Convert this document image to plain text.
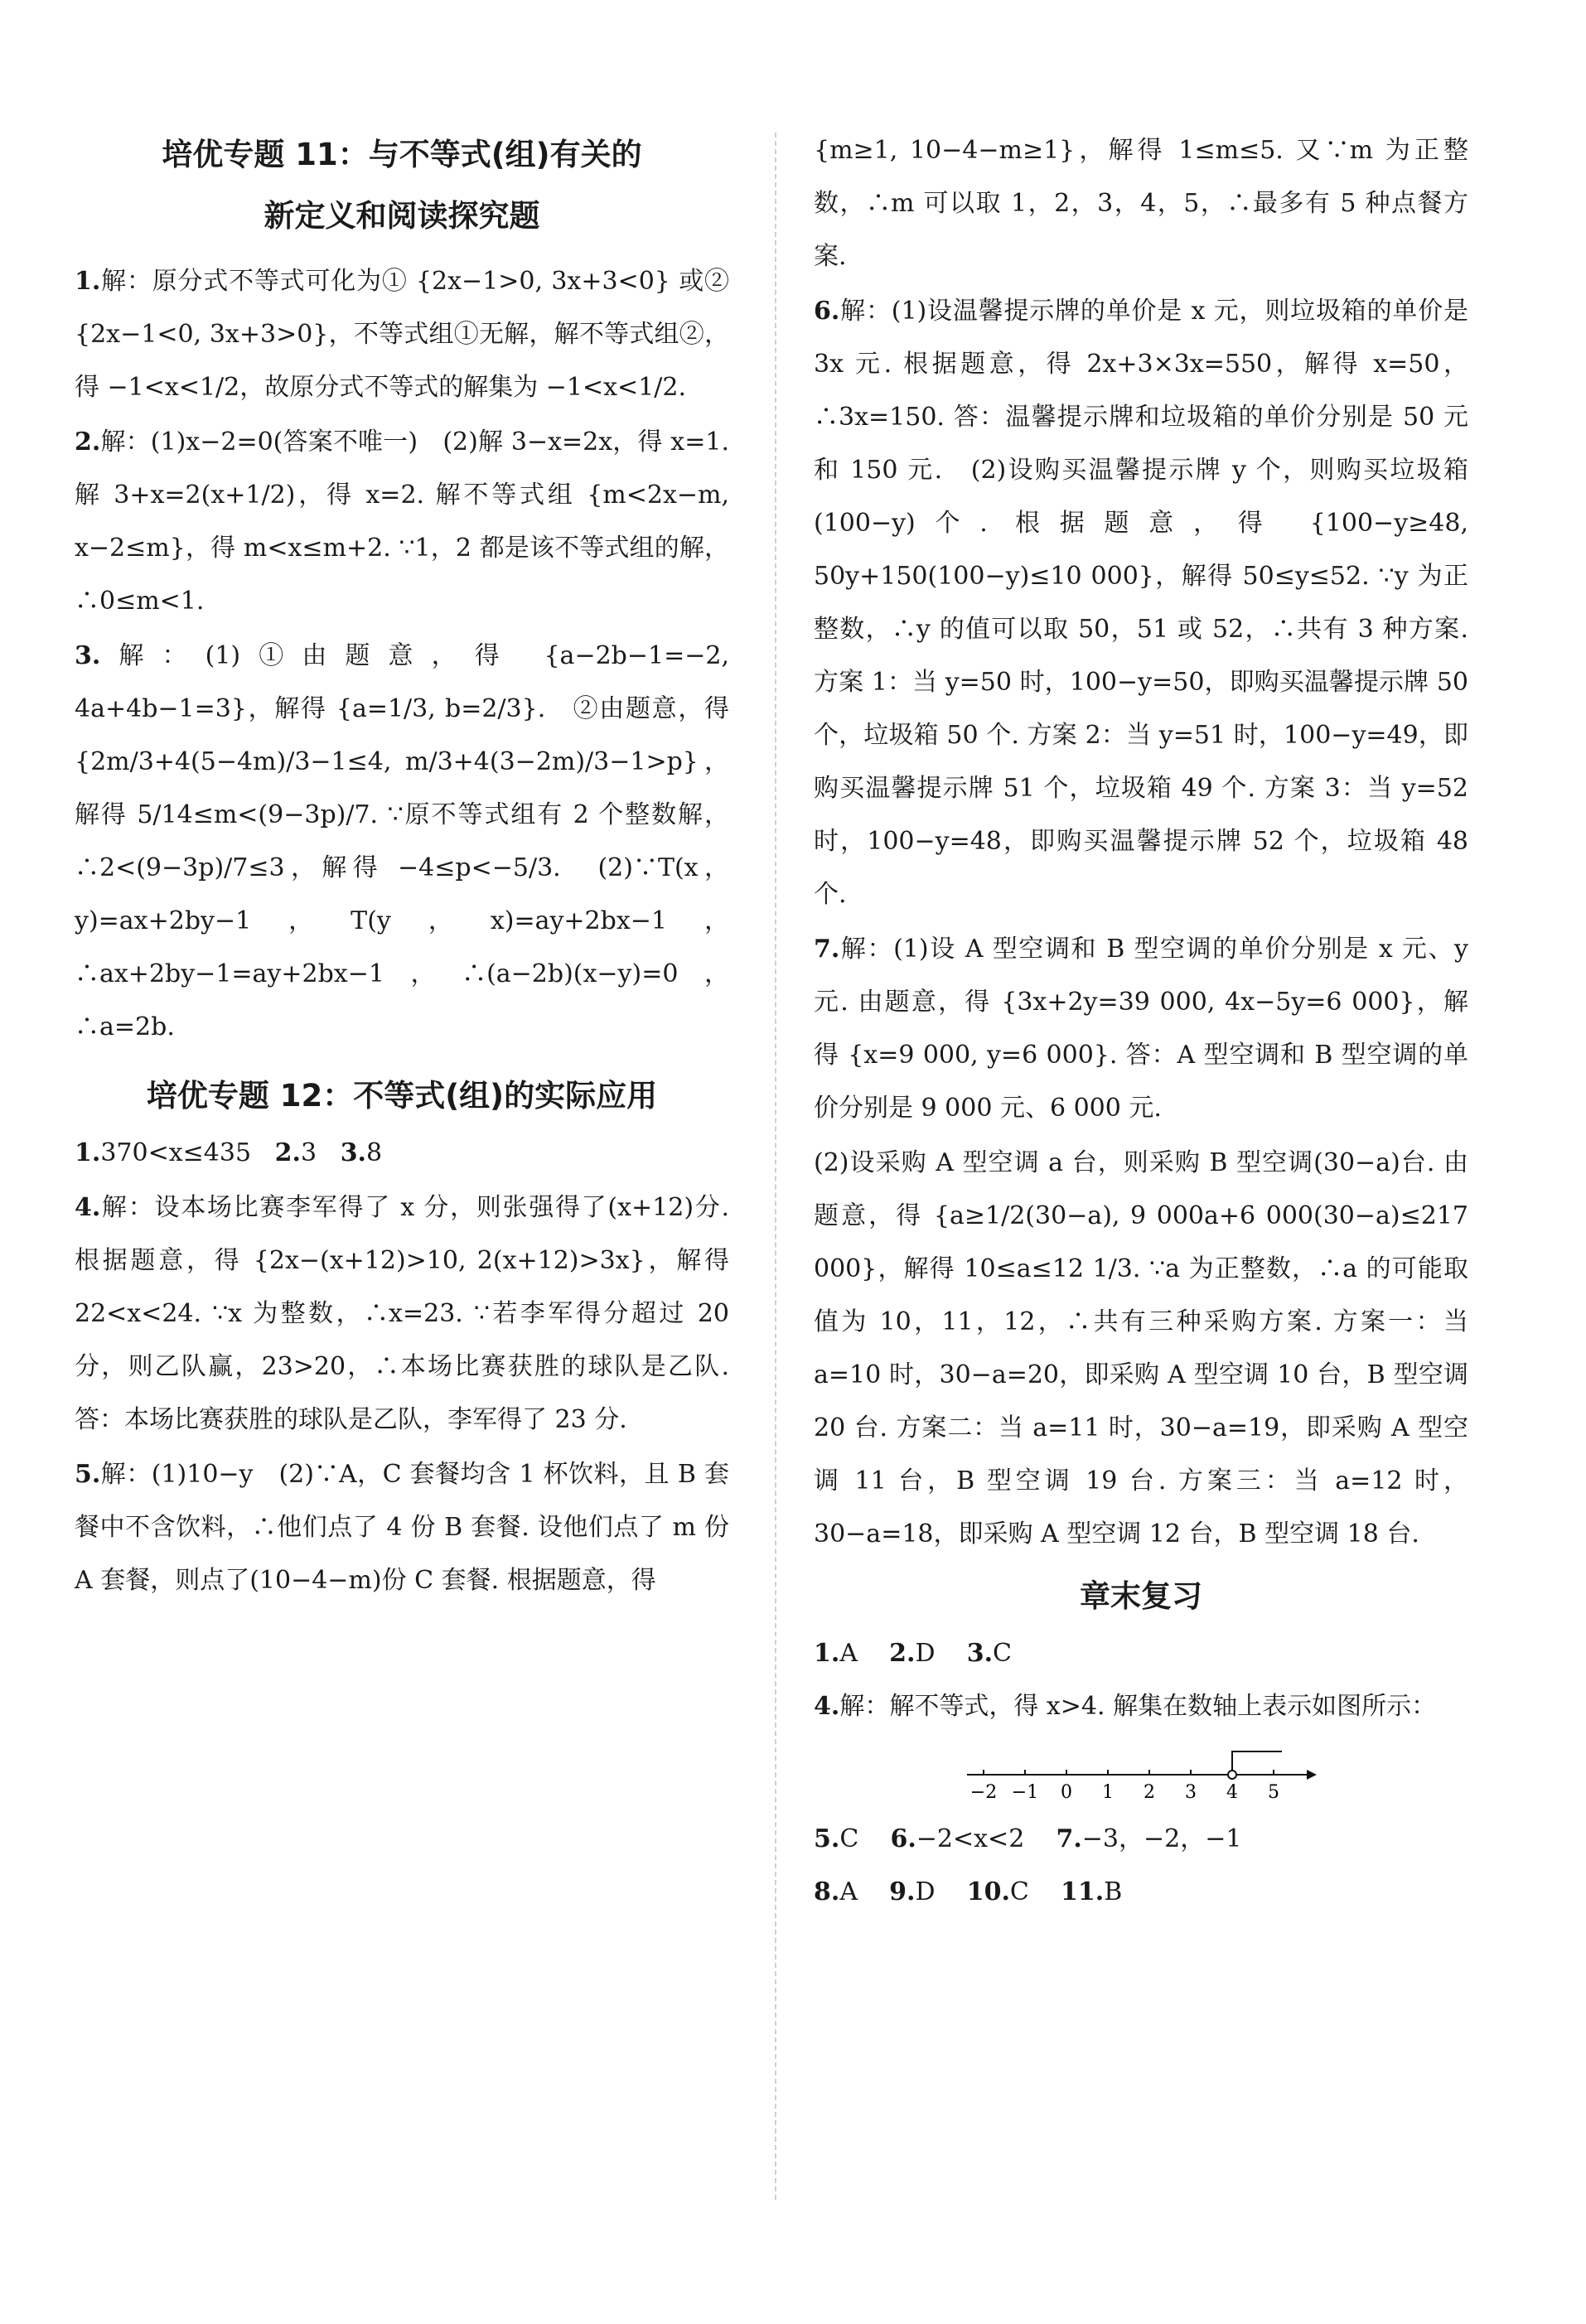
培优专题 11：与不等式(组)有关的
新定义和阅读探究题

1.解：原分式不等式可化为① {2x−1>0, 3x+3<0} 或② {2x−1<0, 3x+3>0}，不等式组①无解，解不等式组②，得 −1<x<1/2，故原分式不等式的解集为 −1<x<1/2.

2.解：(1)x−2=0(答案不唯一)　(2)解 3−x=2x，得 x=1. 解 3+x=2(x+1/2)，得 x=2. 解不等式组 {m<2x−m, x−2≤m}，得 m<x≤m+2. ∵1，2 都是该不等式组的解，∴0≤m<1.

3.解：(1)①由题意，得 {a−2b−1=−2, 4a+4b−1=3}，解得 {a=1/3, b=2/3}.　②由题意，得 {2m/3+4(5−4m)/3−1≤4, m/3+4(3−2m)/3−1>p}，解得 5/14≤m<(9−3p)/7. ∵原不等式组有 2 个整数解，∴2<(9−3p)/7≤3，解得 −4≤p<−5/3.　(2)∵T(x，y)=ax+2by−1，T(y，x)=ay+2bx−1，∴ax+2by−1=ay+2bx−1，∴(a−2b)(x−y)=0，∴a=2b.

培优专题 12：不等式(组)的实际应用

1.370<x≤435 2.3 3.8

4.解：设本场比赛李军得了 x 分，则张强得了(x+12)分. 根据题意，得 {2x−(x+12)>10, 2(x+12)>3x}，解得 22<x<24. ∵x 为整数，∴x=23. ∵若李军得分超过 20 分，则乙队赢，23>20，∴本场比赛获胜的球队是乙队. 答：本场比赛获胜的球队是乙队，李军得了 23 分.

5.解：(1)10−y　(2)∵A，C 套餐均含 1 杯饮料，且 B 套餐中不含饮料，∴他们点了 4 份 B 套餐. 设他们点了 m 份 A 套餐，则点了(10−4−m)份 C 套餐. 根据题意，得

{m≥1, 10−4−m≥1}，解得 1≤m≤5. 又∵m 为正整数，∴m 可以取 1，2，3，4，5，∴最多有 5 种点餐方案.

6.解：(1)设温馨提示牌的单价是 x 元，则垃圾箱的单价是 3x 元. 根据题意，得 2x+3×3x=550，解得 x=50，∴3x=150. 答：温馨提示牌和垃圾箱的单价分别是 50 元和 150 元.　(2)设购买温馨提示牌 y 个，则购买垃圾箱(100−y)个. 根据题意，得 {100−y≥48, 50y+150(100−y)≤10 000}，解得 50≤y≤52. ∵y 为正整数，∴y 的值可以取 50，51 或 52，∴共有 3 种方案. 方案 1：当 y=50 时，100−y=50，即购买温馨提示牌 50 个，垃圾箱 50 个. 方案 2：当 y=51 时，100−y=49，即购买温馨提示牌 51 个，垃圾箱 49 个. 方案 3：当 y=52 时，100−y=48，即购买温馨提示牌 52 个，垃圾箱 48 个.

7.解：(1)设 A 型空调和 B 型空调的单价分别是 x 元、y 元. 由题意，得 {3x+2y=39 000, 4x−5y=6 000}，解得 {x=9 000, y=6 000}. 答：A 型空调和 B 型空调的单价分别是 9 000 元、6 000 元.

(2)设采购 A 型空调 a 台，则采购 B 型空调(30−a)台. 由题意，得 {a≥1/2(30−a), 9 000a+6 000(30−a)≤217 000}，解得 10≤a≤12 1/3. ∵a 为正整数，∴a 的可能取值为 10，11，12，∴共有三种采购方案. 方案一：当 a=10 时，30−a=20，即采购 A 型空调 10 台，B 型空调 20 台. 方案二：当 a=11 时，30−a=19，即采购 A 型空调 11 台，B 型空调 19 台. 方案三：当 a=12 时，30−a=18，即采购 A 型空调 12 台，B 型空调 18 台.

章末复习

1.A 2.D 3.C

4.解：解不等式，得 x>4. 解集在数轴上表示如图所示：

−2 −1 0 1 2 3 4 5

5.C 6.−2<x<2 7.−3，−2，−1

8.A 9.D 10.C 11.B
